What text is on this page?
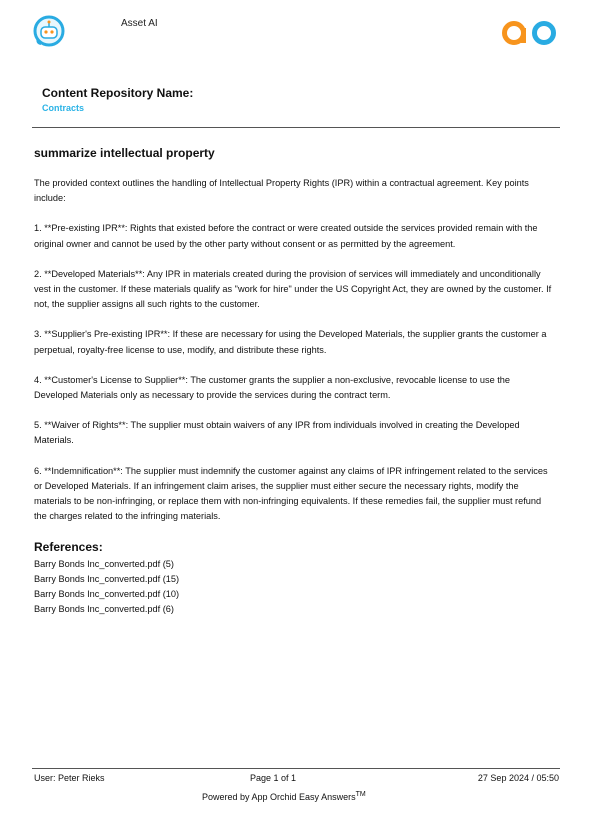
Asset AI
Content Repository Name:
Contracts
summarize intellectual property

The provided context outlines the handling of Intellectual Property Rights (IPR) within a contractual agreement. Key points include:

1. **Pre-existing IPR**: Rights that existed before the contract or were created outside the services provided remain with the original owner and cannot be used by the other party without consent or as permitted by the agreement.

2. **Developed Materials**: Any IPR in materials created during the provision of services will immediately and unconditionally vest in the customer. If these materials qualify as "work for hire" under the US Copyright Act, they are owned by the customer. If not, the supplier assigns all such rights to the customer.

3. **Supplier's Pre-existing IPR**: If these are necessary for using the Developed Materials, the supplier grants the customer a perpetual, royalty-free license to use, modify, and distribute these rights.

4. **Customer's License to Supplier**: The customer grants the supplier a non-exclusive, revocable license to use the Developed Materials only as necessary to provide the services during the contract term.

5. **Waiver of Rights**: The supplier must obtain waivers of any IPR from individuals involved in creating the Developed Materials.

6. **Indemnification**: The supplier must indemnify the customer against any claims of IPR infringement related to the services or Developed Materials. If an infringement claim arises, the supplier must either secure the necessary rights, modify the materials to be non-infringing, or replace them with non-infringing equivalents. If these remedies fail, the supplier must refund the charges related to the infringing materials.

References:
Barry Bonds Inc_converted.pdf (5)
Barry Bonds Inc_converted.pdf (15)
Barry Bonds Inc_converted.pdf (10)
Barry Bonds Inc_converted.pdf (6)
User: Peter Rieks	Page 1 of 1	27 Sep 2024 / 05:50
Powered by App Orchid Easy Answers™
